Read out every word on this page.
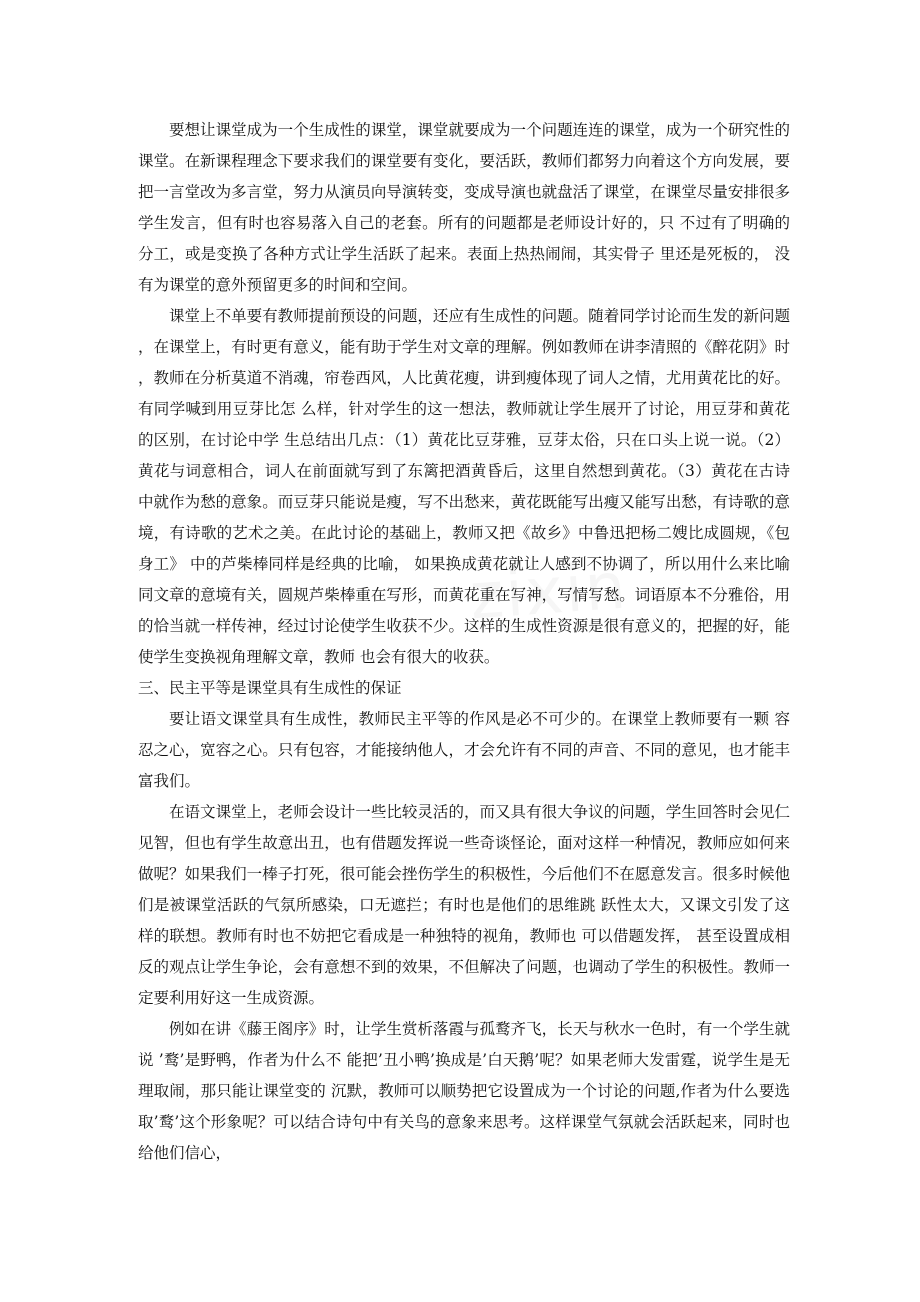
要想让课堂成为一个生成性的课堂，课堂就要成为一个问题连连的课堂，成为一个研究性的课堂。在新课程理念下要求我们的课堂要有变化，要活跃，教师们都努力向着这个方向发展，要把一言堂改为多言堂，努力从演员向导演转变，变成导演也就盘活了课堂，在课堂尽量安排很多学生发言，但有时也容易落入自己的老套。所有的问题都是老师设计好的，只 不过有了明确的分工，或是变换了各种方式让学生活跃了起来。表面上热热闹闹，其实骨子 里还是死板的， 没有为课堂的意外预留更多的时间和空间。

课堂上不单要有教师提前预设的问题，还应有生成性的问题。随着同学讨论而生发的新问题，在课堂上，有时更有意义，能有助于学生对文章的理解。例如教师在讲李清照的《醉花阴》时，教师在分析莫道不消魂，帘卷西风，人比黄花瘦，讲到瘦体现了词人之情，尤用黄花比的好。有同学喊到用豆芽比怎 么样，针对学生的这一想法，教师就让学生展开了讨论，用豆芽和黄花的区别，在讨论中学 生总结出几点：（1）黄花比豆芽雅，豆芽太俗，只在口头上说一说。（2）黄花与词意相合，词人在前面就写到了东篱把酒黄昏后，这里自然想到黄花。（3）黄花在古诗中就作为愁的意象。而豆芽只能说是瘦，写不出愁来，黄花既能写出瘦又能写出愁，有诗歌的意境，有诗歌的艺术之美。在此讨论的基础上，教师又把《故乡》中鲁迅把杨二嫂比成圆规，《包身工》 中的芦柴棒同样是经典的比喻， 如果换成黄花就让人感到不协调了，所以用什么来比喻同文章的意境有关，圆规芦柴棒重在写形，而黄花重在写神，写情写愁。词语原本不分雅俗，用 的恰当就一样传神，经过讨论使学生收获不少。这样的生成性资源是很有意义的，把握的好，能使学生变换视角理解文章，教师 也会有很大的收获。

三、民主平等是课堂具有生成性的保证

要让语文课堂具有生成性，教师民主平等的作风是必不可少的。在课堂上教师要有一颗 容忍之心，宽容之心。只有包容，才能接纳他人，才会允许有不同的声音、不同的意见，也才能丰富我们。

在语文课堂上，老师会设计一些比较灵活的，而又具有很大争议的问题，学生回答时会见仁见智，但也有学生故意出丑，也有借题发挥说一些奇谈怪论，面对这样一种情况，教师应如何来做呢？如果我们一棒子打死，很可能会挫伤学生的积极性，今后他们不在愿意发言。很多时候他们是被课堂活跃的气氛所感染，口无遮拦；有时也是他们的思维跳 跃性太大，又课文引发了这样的联想。教师有时也不妨把它看成是一种独特的视角，教师也 可以借题发挥， 甚至设置成相反的观点让学生争论，会有意想不到的效果，不但解决了问题，也调动了学生的积极性。教师一定要利用好这一生成资源。

例如在讲《藤王阁序》时，让学生赏析落霞与孤鹜齐飞，长天与秋水一色时，有一个学生就说 ’鹜’是野鸭，作者为什么不 能把’丑小鸭’换成是’白天鹅’呢？如果老师大发雷霆，说学生是无理取闹，那只能让课堂变的 沉默，教师可以顺势把它设置成为一个讨论的问题,作者为什么要选取’鹜’这个形象呢？可以结合诗句中有关鸟的意象来思考。这样课堂气氛就会活跃起来，同时也给他们信心，
